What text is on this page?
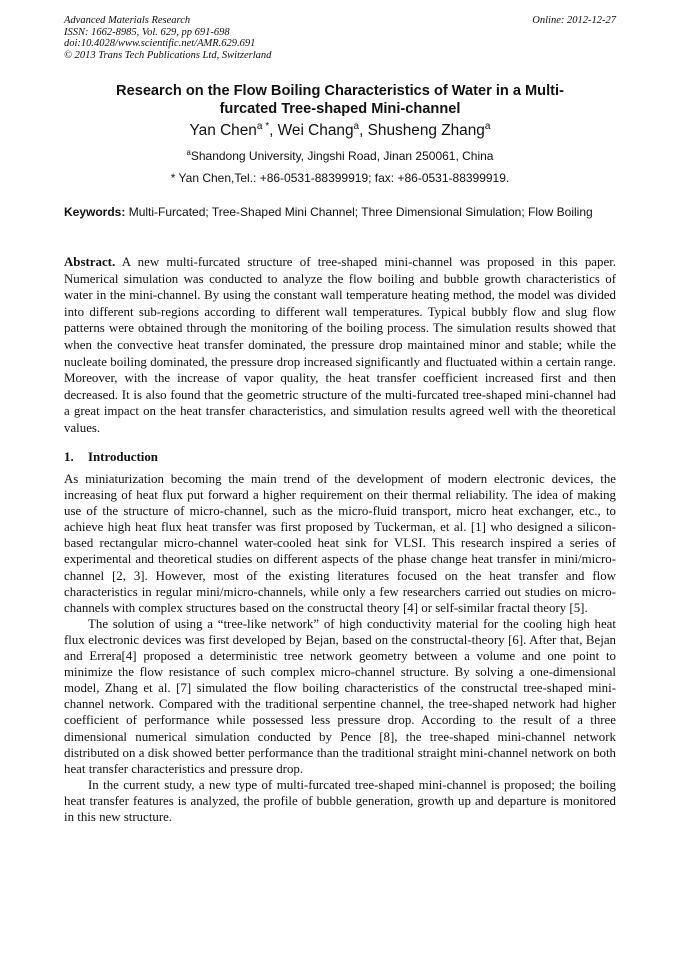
Advanced Materials Research
ISSN: 1662-8985, Vol. 629, pp 691-698
doi:10.4028/www.scientific.net/AMR.629.691
© 2013 Trans Tech Publications Ltd, Switzerland
Online: 2012-12-27
Research on the Flow Boiling Characteristics of Water in a Multi-
furcated Tree-shaped Mini-channel
Yan Chen$^{a *}$, Wei Chang$^a$, Shusheng Zhang$^a$
$^a$Shandong University, Jingshi Road, Jinan 250061, China
* Yan Chen,Tel.: +86-0531-88399919; fax: +86-0531-88399919.
Keywords: Multi-Furcated; Tree-Shaped Mini Channel; Three Dimensional Simulation; Flow Boiling
Abstract. A new multi-furcated structure of tree-shaped mini-channel was proposed in this paper. Numerical simulation was conducted to analyze the flow boiling and bubble growth characteristics of water in the mini-channel. By using the constant wall temperature heating method, the model was divided into different sub-regions according to different wall temperatures. Typical bubbly flow and slug flow patterns were obtained through the monitoring of the boiling process. The simulation results showed that when the convective heat transfer dominated, the pressure drop maintained minor and stable; while the nucleate boiling dominated, the pressure drop increased significantly and fluctuated within a certain range. Moreover, with the increase of vapor quality, the heat transfer coefficient increased first and then decreased. It is also found that the geometric structure of the multi-furcated tree-shaped mini-channel had a great impact on the heat transfer characteristics, and simulation results agreed well with the theoretical values.
1. Introduction

As miniaturization becoming the main trend of the development of modern electronic devices, the increasing of heat flux put forward a higher requirement on their thermal reliability. The idea of making use of the structure of micro-channel, such as the micro-fluid transport, micro heat exchanger, etc., to achieve high heat flux heat transfer was first proposed by Tuckerman, et al. [1] who designed a silicon-based rectangular micro-channel water-cooled heat sink for VLSI. This research inspired a series of experimental and theoretical studies on different aspects of the phase change heat transfer in mini/micro-channel [2, 3]. However, most of the existing literatures focused on the heat transfer and flow characteristics in regular mini/micro-channels, while only a few researchers carried out studies on micro-channels with complex structures based on the constructal theory [4] or self-similar fractal theory [5].

The solution of using a “tree-like network” of high conductivity material for the cooling high heat flux electronic devices was first developed by Bejan, based on the constructal-theory [6]. After that, Bejan and Errera[4] proposed a deterministic tree network geometry between a volume and one point to minimize the flow resistance of such complex micro-channel structure. By solving a one-dimensional model, Zhang et al. [7] simulated the flow boiling characteristics of the constructal tree-shaped mini-channel network. Compared with the traditional serpentine channel, the tree-shaped network had higher coefficient of performance while possessed less pressure drop. According to the result of a three dimensional numerical simulation conducted by Pence [8], the tree-shaped mini-channel network distributed on a disk showed better performance than the traditional straight mini-channel network on both heat transfer characteristics and pressure drop.

In the current study, a new type of multi-furcated tree-shaped mini-channel is proposed; the boiling heat transfer features is analyzed, the profile of bubble generation, growth up and departure is monitored in this new structure.
